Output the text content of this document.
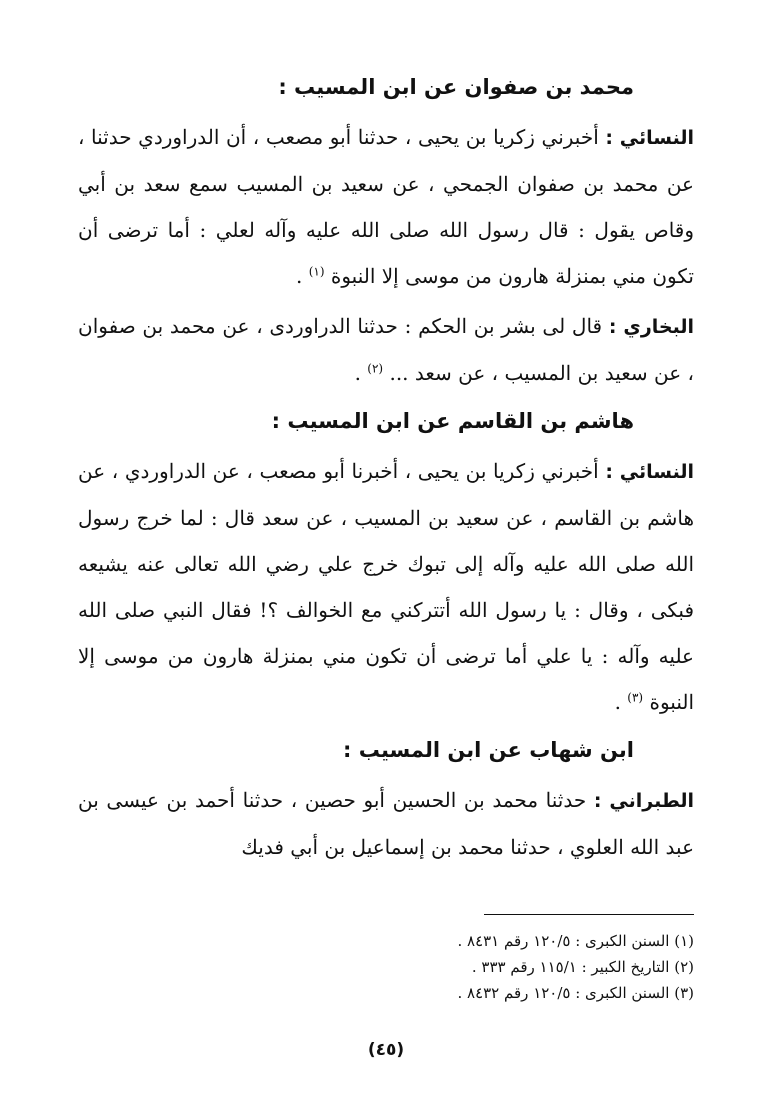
محمد بن صفوان عن ابن المسيب :

النسائي : أخبرني زكريا بن يحيى ، حدثنا أبو مصعب ، أن الدراوردي حدثنا ، عن محمد بن صفوان الجمحي ، عن سعيد بن المسيب سمع سعد بن أبي وقاص يقول : قال رسول الله صلى الله عليه وآله لعلي : أما ترضى أن تكون مني بمنزلة هارون من موسى إلا النبوة $^{(١)}$ .

البخاري : قال لى بشر بن الحكم : حدثنا الدراوردى ، عن محمد بن صفوان ، عن سعيد بن المسيب ، عن سعد ... $^{(٢)}$ .

هاشم بن القاسم عن ابن المسيب :

النسائي : أخبرني زكريا بن يحيى ، أخبرنا أبو مصعب ، عن الدراوردي ، عن هاشم بن القاسم ، عن سعيد بن المسيب ، عن سعد قال : لما خرج رسول الله صلى الله عليه وآله إلى تبوك خرج علي رضي الله تعالى عنه يشيعه فبكى ، وقال : يا رسول الله أتتركني مع الخوالف ؟! فقال النبي صلى الله عليه وآله : يا علي أما ترضى أن تكون مني بمنزلة هارون من موسى إلا النبوة $^{(٣)}$ .

ابن شهاب عن ابن المسيب :

الطبراني : حدثنا محمد بن الحسين أبو حصين ، حدثنا أحمد بن عيسى بن عبد الله العلوي ، حدثنا محمد بن إسماعيل بن أبي فديك

(١) السنن الكبرى : ١٢٠/٥ رقم ٨٤٣١ .
(٢) التاريخ الكبير : ١١٥/١ رقم ٣٣٣ .
(٣) السنن الكبرى : ١٢٠/٥ رقم ٨٤٣٢ .
(٤٥)
